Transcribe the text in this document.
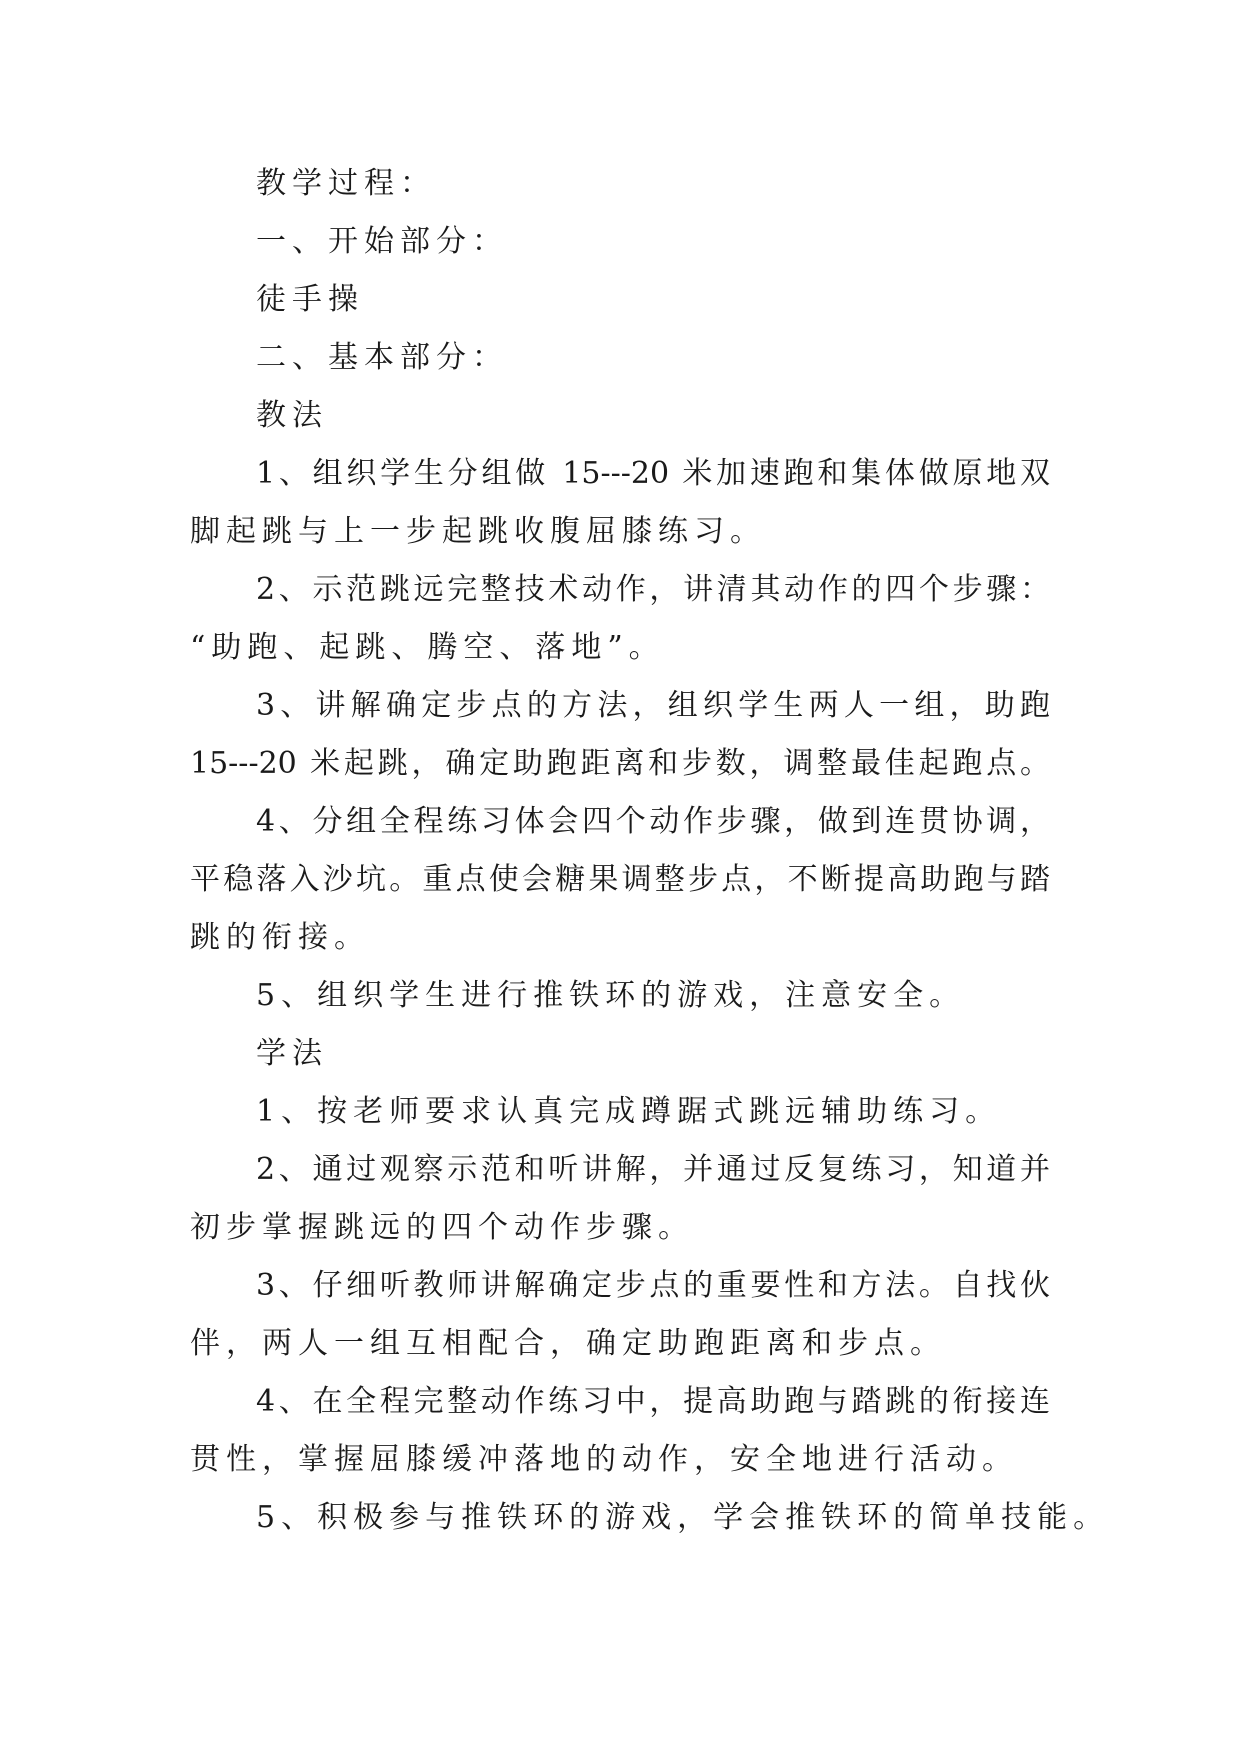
教学过程：
一、开始部分：
徒手操
二、基本部分：
教法
1、组织学生分组做 15---20 米加速跑和集体做原地双
脚起跳与上一步起跳收腹屈膝练习。
2、示范跳远完整技术动作，讲清其动作的四个步骤：
“助跑、起跳、腾空、落地”。
3、讲解确定步点的方法，组织学生两人一组，助跑
15---20 米起跳，确定助跑距离和步数，调整最佳起跑点。
4、分组全程练习体会四个动作步骤，做到连贯协调，
平稳落入沙坑。重点使会糖果调整步点，不断提高助跑与踏
跳的衔接。
5、组织学生进行推铁环的游戏，注意安全。
学法
1、按老师要求认真完成蹲踞式跳远辅助练习。
2、通过观察示范和听讲解，并通过反复练习，知道并
初步掌握跳远的四个动作步骤。
3、仔细听教师讲解确定步点的重要性和方法。自找伙
伴，两人一组互相配合，确定助跑距离和步点。
4、在全程完整动作练习中，提高助跑与踏跳的衔接连
贯性，掌握屈膝缓冲落地的动作，安全地进行活动。
5、积极参与推铁环的游戏，学会推铁环的简单技能。
